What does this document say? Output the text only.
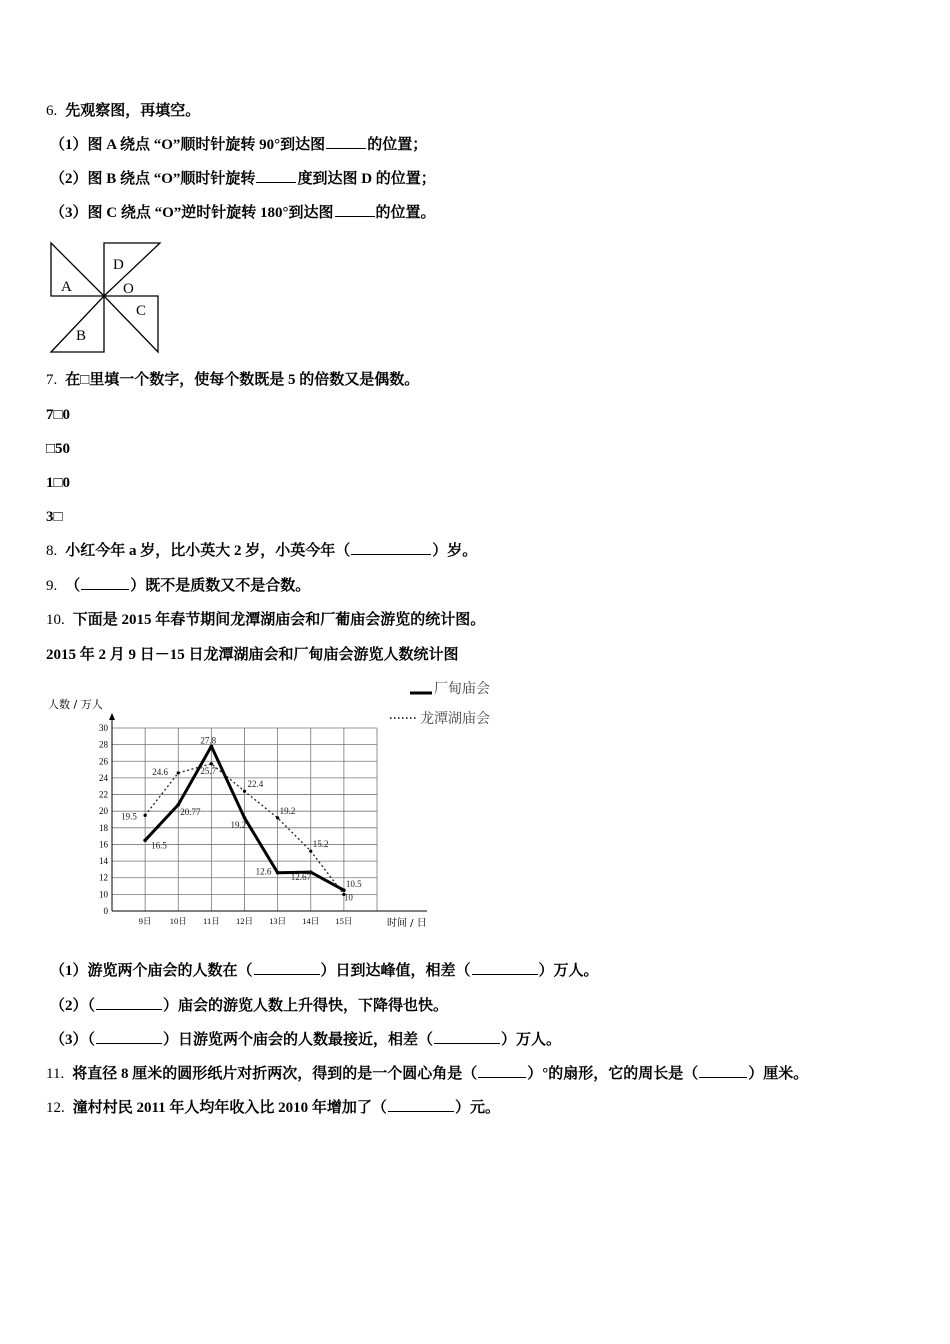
6. 先观察图，再填空。
（1）图 A 绕点 “O”顺时针旋转 90°到达图	的位置；
（2）图 B 绕点 “O”顺时针旋转	度到达图 D 的位置；
（3）图 C 绕点 “O”逆时针旋转 180°到达图	的位置。
A
D
O
C
B
7. 在□里填一个数字，使每个数既是 5 的倍数又是偶数。
7□0
□50
1□0
3□
8. 小红今年 a 岁，比小英大 2 岁，小英今年（	）岁。
9. （	）既不是质数又不是合数。
10. 下面是 2015 年春节期间龙潭湖庙会和厂葡庙会游览的统计图。
2015 年 2 月 9 日－15 日龙潭湖庙会和厂甸庙会游览人数统计图
0
10
12
14
16
18
20
22
24
26
28
30
9日 10日 11日 12日 13日 14日 15日
19.5
16.5
24.6
20.77
27.8
25.7
22.4
19.2
12.6
19.2
12.67
15.2
10.5
10
人数 / 万人
时间 / 日
厂甸庙会
龙潭湖庙会
（1）游览两个庙会的人数在（	）日到达峰值，相差（	）万人。
（2）（	）庙会的游览人数上升得快，下降得也快。
（3）（	）日游览两个庙会的人数最接近，相差（	）万人。
11. 将直径 8 厘米的圆形纸片对折两次，得到的是一个圆心角是（	）°的扇形，它的周长是（	）厘米。
12. 潼村村民 2011 年人均年收入比 2010 年增加了（	）元。
